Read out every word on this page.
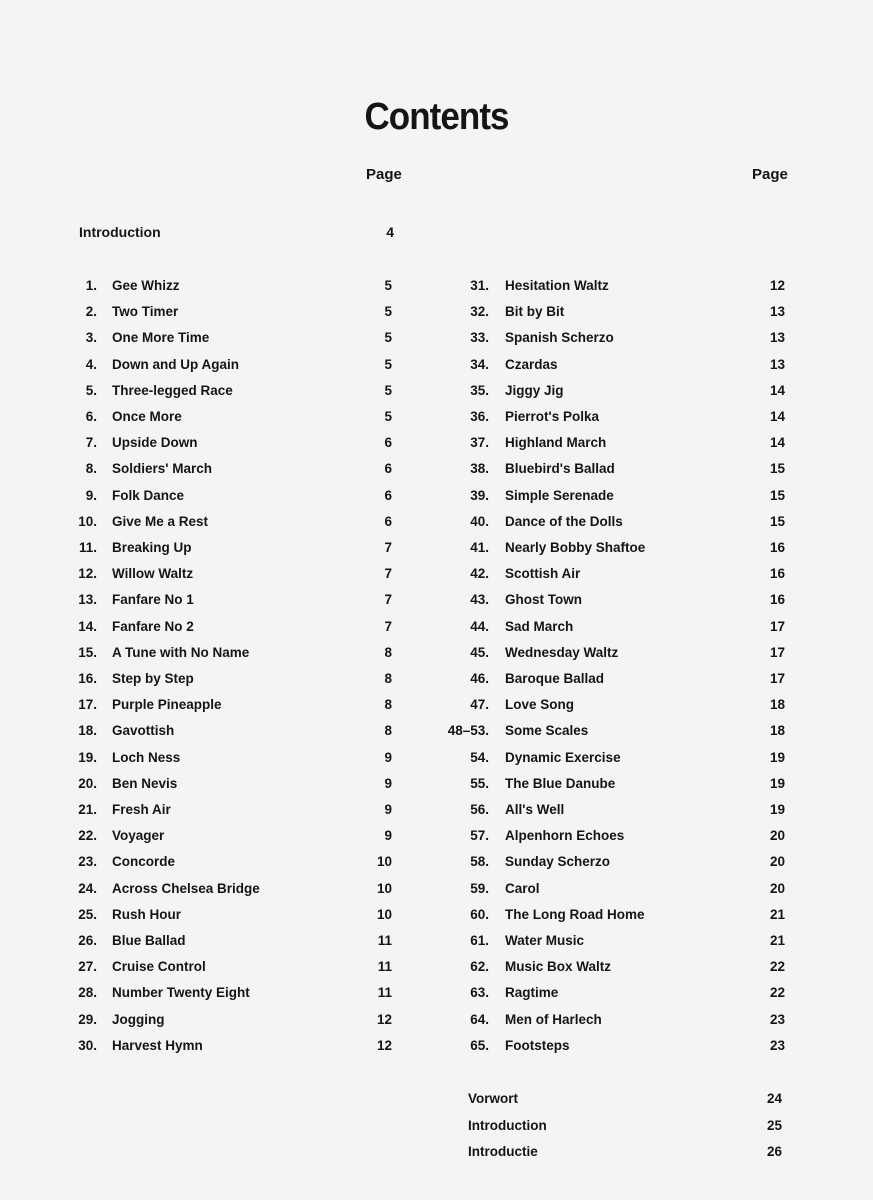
Contents
Page	Page
Introduction	4
1. Gee Whizz	5
2. Two Timer	5
3. One More Time	5
4. Down and Up Again	5
5. Three-legged Race	5
6. Once More	5
7. Upside Down	6
8. Soldiers' March	6
9. Folk Dance	6
10. Give Me a Rest	6
11. Breaking Up	7
12. Willow Waltz	7
13. Fanfare No 1	7
14. Fanfare No 2	7
15. A Tune with No Name	8
16. Step by Step	8
17. Purple Pineapple	8
18. Gavottish	8
19. Loch Ness	9
20. Ben Nevis	9
21. Fresh Air	9
22. Voyager	9
23. Concorde	10
24. Across Chelsea Bridge	10
25. Rush Hour	10
26. Blue Ballad	11
27. Cruise Control	11
28. Number Twenty Eight	11
29. Jogging	12
30. Harvest Hymn	12
31. Hesitation Waltz	12
32. Bit by Bit	13
33. Spanish Scherzo	13
34. Czardas	13
35. Jiggy Jig	14
36. Pierrot's Polka	14
37. Highland March	14
38. Bluebird's Ballad	15
39. Simple Serenade	15
40. Dance of the Dolls	15
41. Nearly Bobby Shaftoe	16
42. Scottish Air	16
43. Ghost Town	16
44. Sad March	17
45. Wednesday Waltz	17
46. Baroque Ballad	17
47. Love Song	18
48–53. Some Scales	18
54. Dynamic Exercise	19
55. The Blue Danube	19
56. All's Well	19
57. Alpenhorn Echoes	20
58. Sunday Scherzo	20
59. Carol	20
60. The Long Road Home	21
61. Water Music	21
62. Music Box Waltz	22
63. Ragtime	22
64. Men of Harlech	23
65. Footsteps	23
Vorwort	24
Introduction	25
Introductie	26
